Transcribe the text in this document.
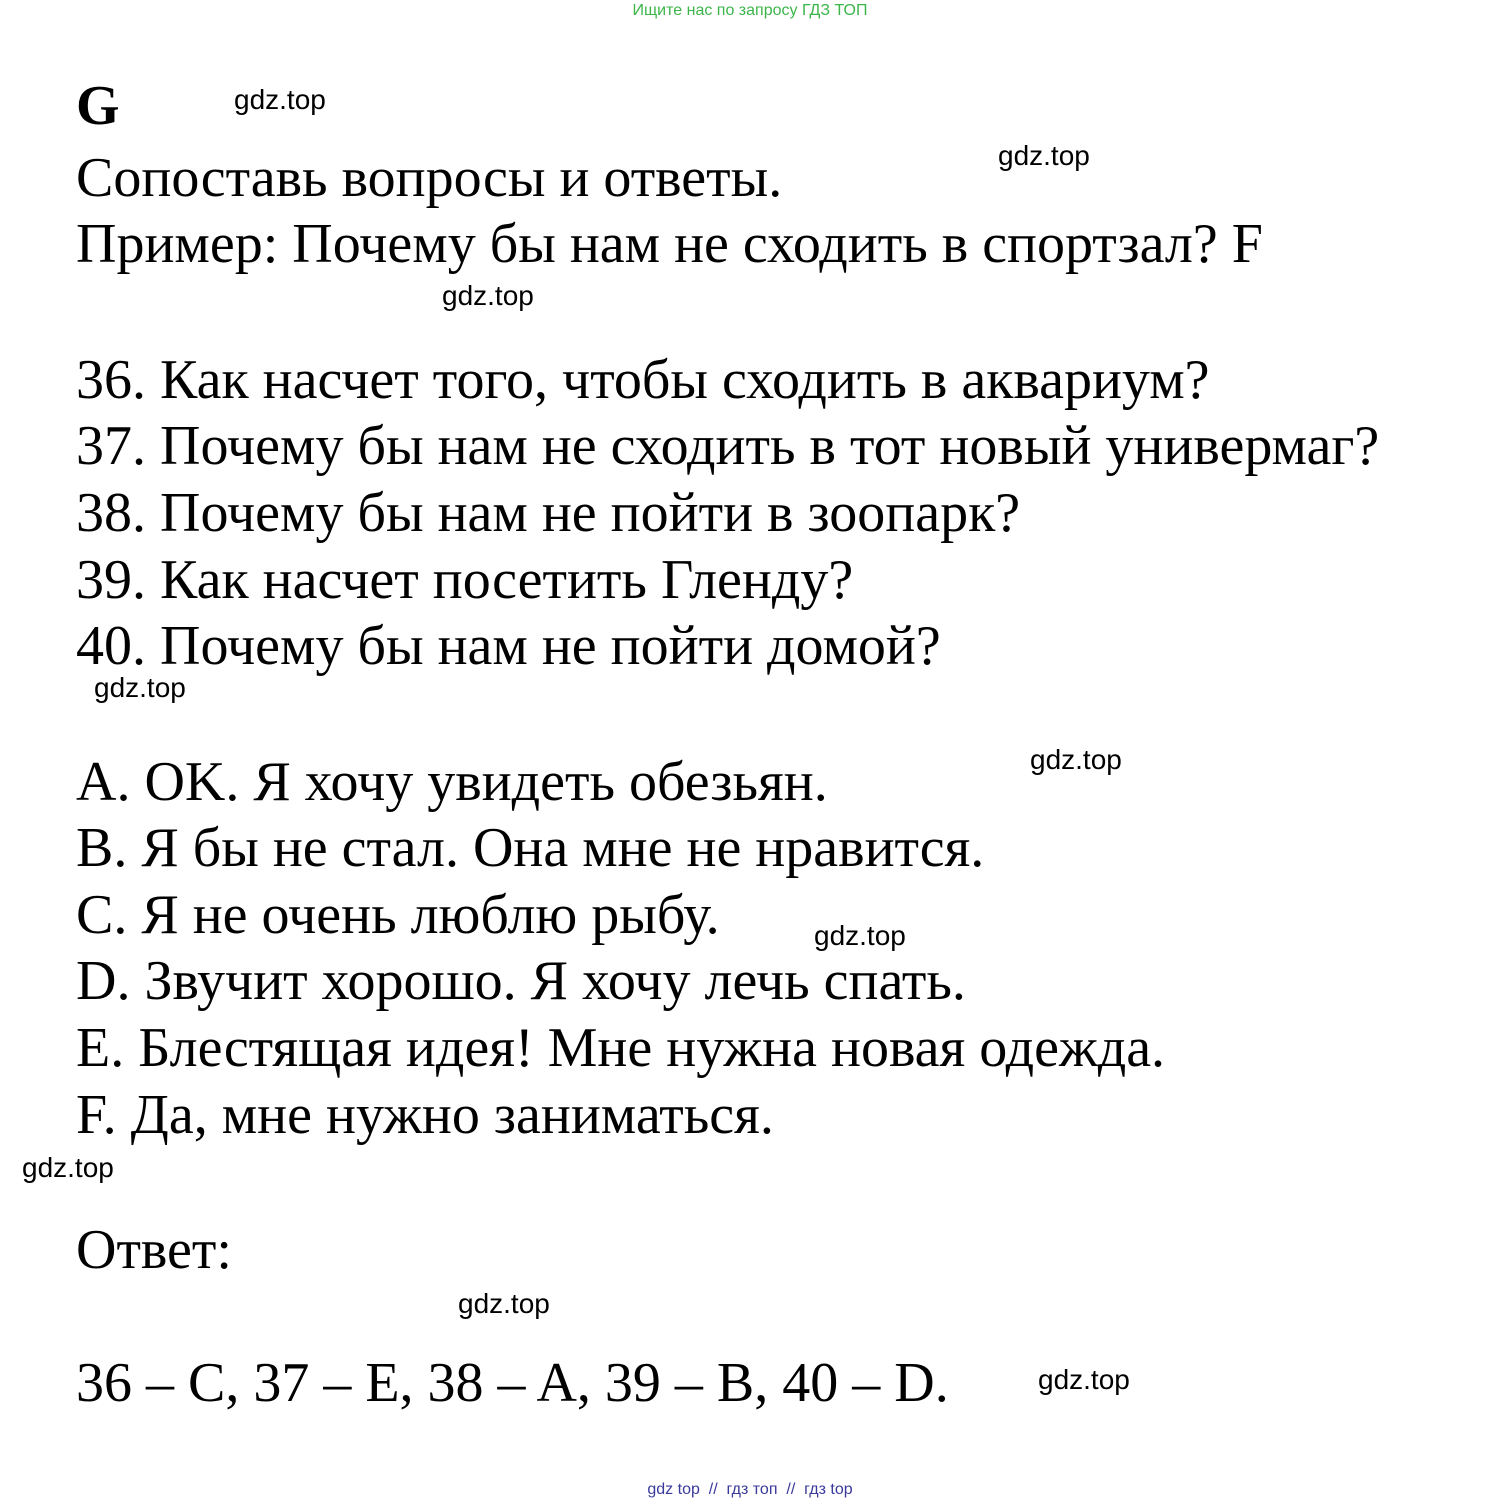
Ищите нас по запросу ГДЗ ТОП
G
Сопоставь вопросы и ответы.
Пример: Почему бы нам не сходить в спортзал? F
36. Как насчет того, чтобы сходить в аквариум?
37. Почему бы нам не сходить в тот новый универмаг?
38. Почему бы нам не пойти в зоопарк?
39. Как насчет посетить Гленду?
40. Почему бы нам не пойти домой?
A. OK. Я хочу увидеть обезьян.
B. Я бы не стал. Она мне не нравится.
C. Я не очень люблю рыбу.
D. Звучит хорошо. Я хочу лечь спать.
E. Блестящая идея! Мне нужна новая одежда.
F. Да, мне нужно заниматься.
Ответ:
36 – C, 37 – E, 38 – A, 39 – B, 40 – D.
gdz.top
gdz.top
gdz.top
gdz.top
gdz.top
gdz.top
gdz.top
gdz.top
gdz.top
gdz top  //  гдз топ  //  гдз top
